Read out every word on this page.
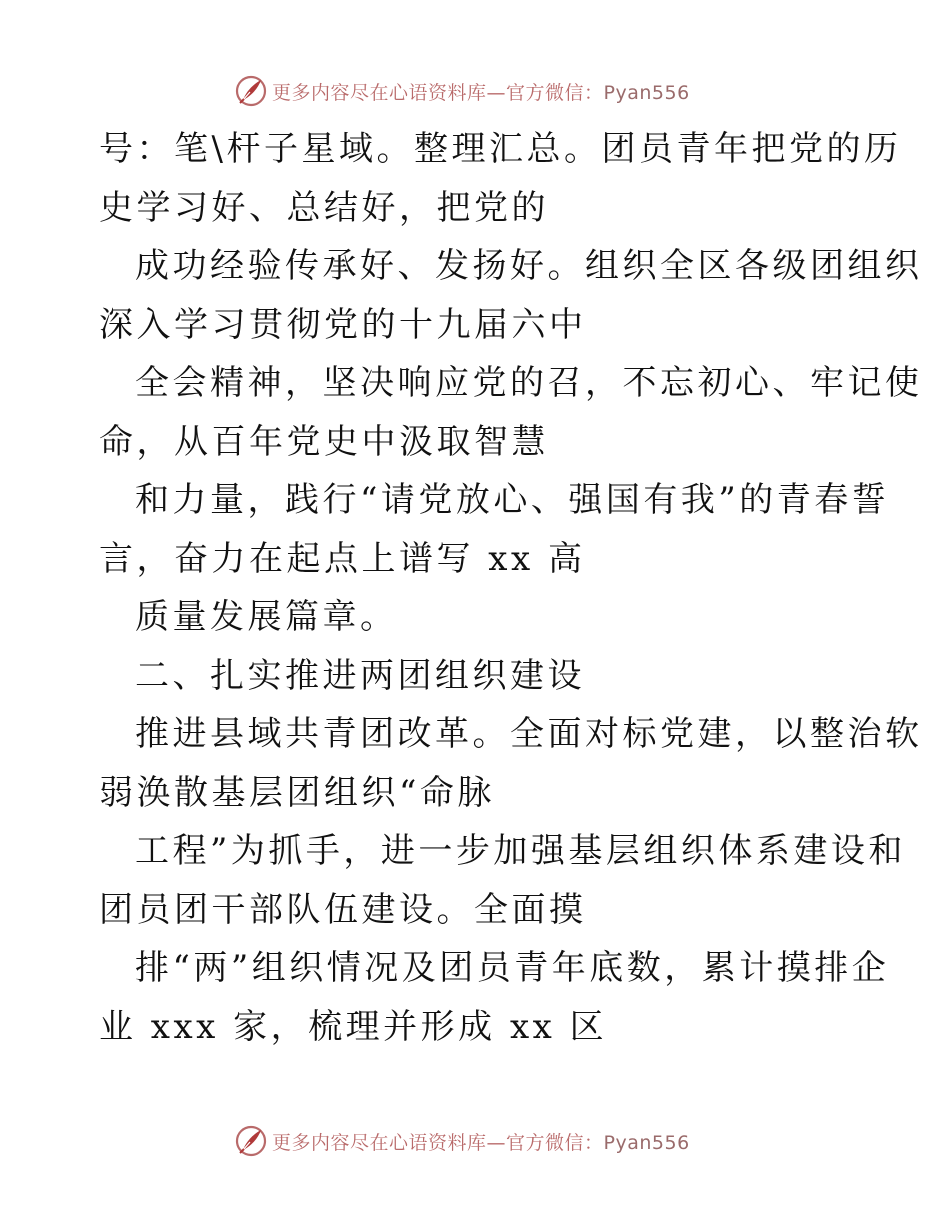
更多内容尽在心语资料库—官方微信：Pyan556
号：笔\杆子星域。整理汇总。团员青年把党的历
史学习好、总结好，把党的
成功经验传承好、发扬好。组织全区各级团组织
深入学习贯彻党的十九届六中
全会精神，坚决响应党的召，不忘初心、牢记使
命，从百年党史中汲取智慧
和力量，践行“请党放心、强国有我”的青春誓
言，奋力在起点上谱写 xx 高
质量发展篇章。
二、扎实推进两团组织建设
推进县域共青团改革。全面对标党建，以整治软
弱涣散基层团组织“命脉
工程”为抓手，进一步加强基层组织体系建设和
团员团干部队伍建设。全面摸
排“两”组织情况及团员青年底数，累计摸排企
业 xxx 家，梳理并形成 xx 区
更多内容尽在心语资料库—官方微信：Pyan556
